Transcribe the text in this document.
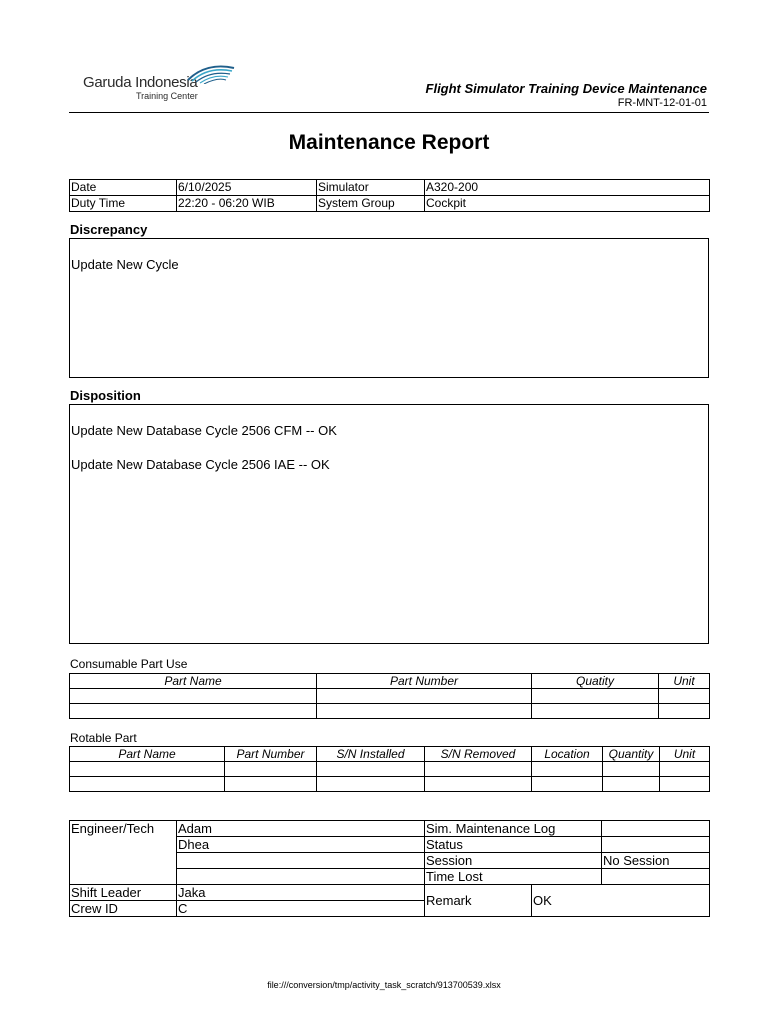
Garuda Indonesia
Training Center	Flight Simulator Training Device Maintenance
FR-MNT-12-01-01
Maintenance Report
Date	6/10/2025	Simulator	A320-200
Duty Time	22:20 - 06:20 WIB	System Group	Cockpit
Discrepancy
Update New Cycle
Disposition
Update New Database Cycle 2506 CFM -- OK
Update New Database Cycle 2506 IAE -- OK
Consumable Part Use
Part Name	Part Number	Quatity	Unit

Rotable Part
Part Name	Part Number	S/N Installed	S/N Removed	Location	Quantity	Unit

Engineer/Tech	Adam	Sim. Maintenance Log		
	Dhea	Status		
		Session		No Session
		Time Lost		
Shift Leader	Jaka	Remark	OK	
Crew ID	C			
file:///conversion/tmp/activity_task_scratch/913700539.xlsx
